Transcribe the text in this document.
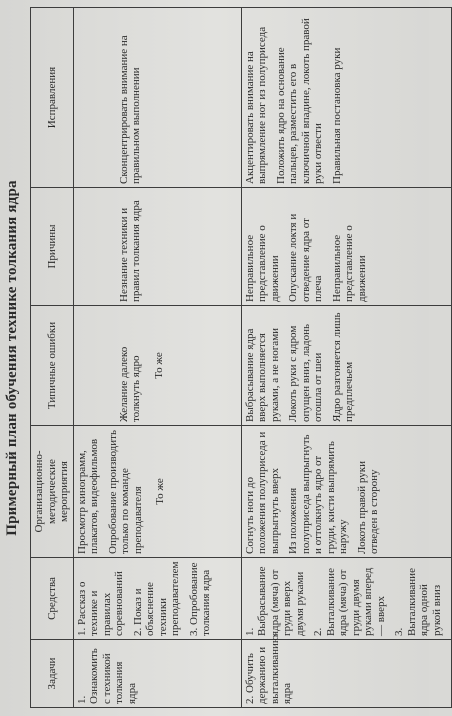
Примерный план обучения технике толкания ядра
Задачи	Средства	Организационно-методические мероприятия	Типичные ошибки	Причины	Исправления
1. Ознакомить с техникой толкания ядра	1. Рассказ о технике и правилах соревнований 2. Показ и объяснение техники преподавателем 3. Опробование толкания ядра	Просмотр кинограмм, плакатов, видеофильмов Опробование производить только по команде преподавателя То же	Желание далеко толкнуть ядро То же	Незнание техники и правил толкания ядра	Сконцентрировать внимание на правильном выполнении

2. Обучить держанию и выталкиванию ядра	1. Выбрасывание ядра (мяча) от груди вверх двумя руками 2. Выталкивание ядра (мяча) от груди двумя руками вперед — вверх 3. Выталкивание ядра одной рукой вниз	Согнуть ноги до положения полуприседа и выпрыгнуть вверх Из положения полуприседа выпрыгнуть и оттолкнуть ядро от груди, кисти выпрямить наружу Локоть правой руки отведен в сторону	Выбрасывание ядра вверх выполняется руками, а не ногами Локоть руки с ядром опущен вниз, ладонь отошла от шеи Ядро разгоняется лишь предплечьем	Неправильное представление о движении Опускание локтя и отведение ядра от плеча Неправильное представление о движении	Акцентировать внимание на выпрямление ног из полуприседа Положить ядро на основание пальцев, разместить его в ключичной впадине, локоть правой руки отвести Правильная постановка руки
